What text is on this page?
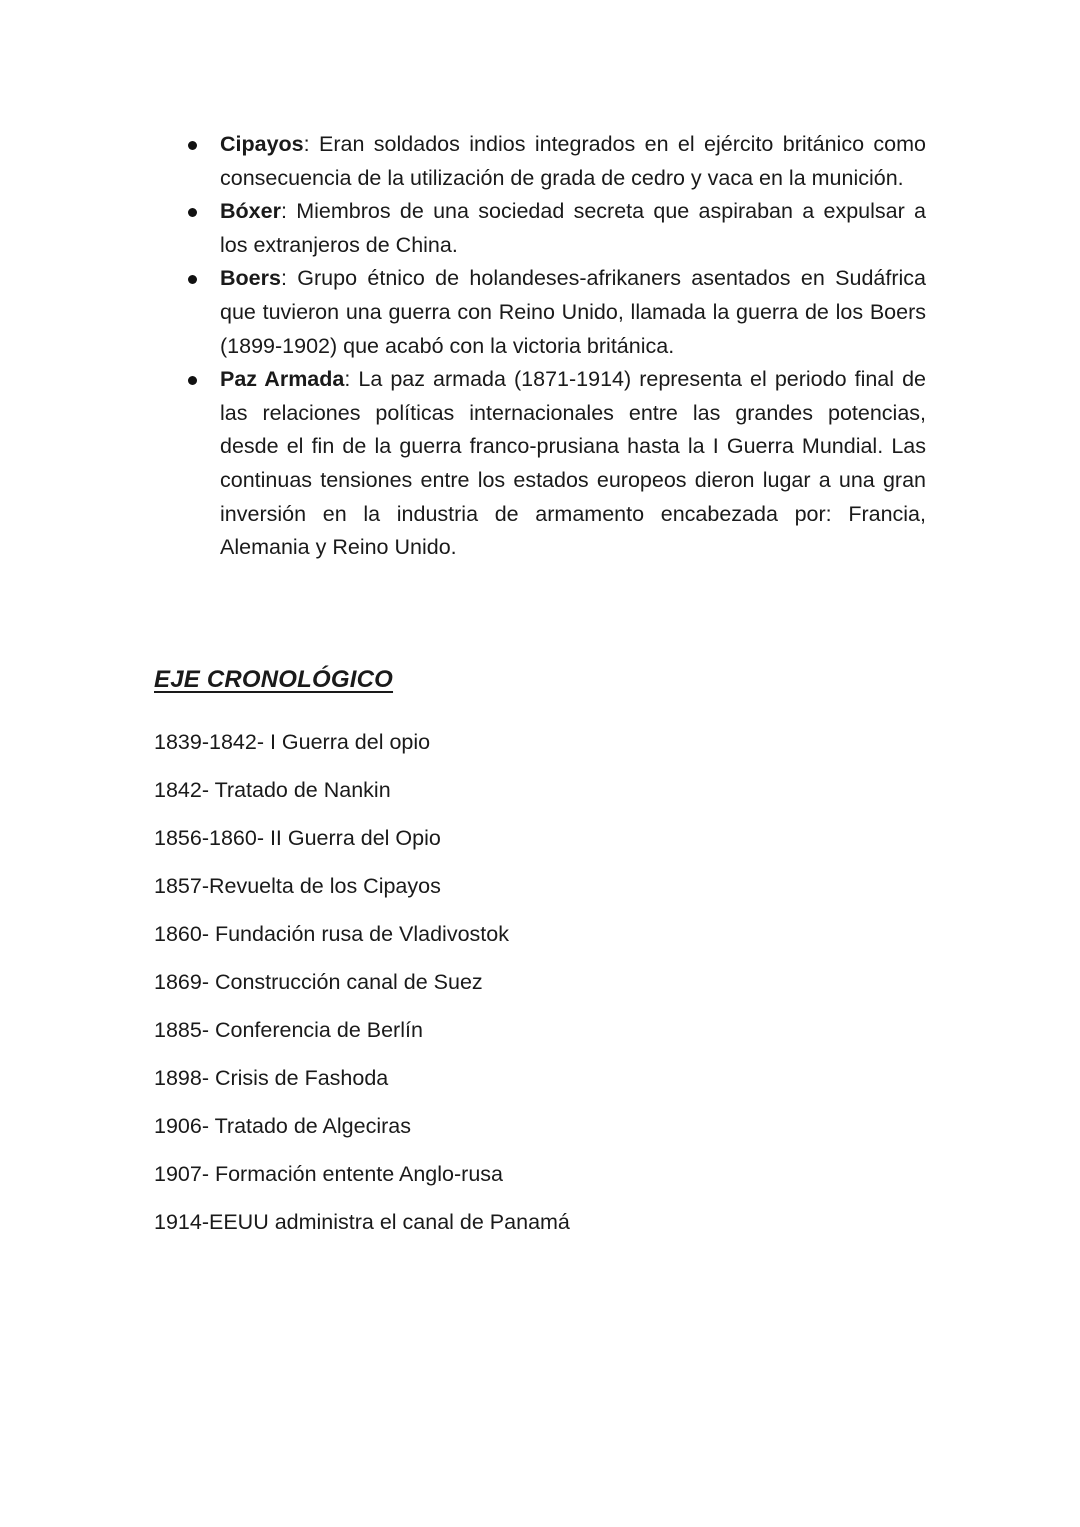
Cipayos: Eran soldados indios integrados en el ejército británico como consecuencia de la utilización de grada de cedro y vaca en la munición.
Bóxer: Miembros de una sociedad secreta que aspiraban a expulsar a los extranjeros de China.
Boers: Grupo étnico de holandeses-afrikaners asentados en Sudáfrica que tuvieron una guerra con Reino Unido, llamada la guerra de los Boers (1899-1902) que acabó con la victoria británica.
Paz Armada: La paz armada (1871-1914) representa el periodo final de las relaciones políticas internacionales entre las grandes potencias, desde el fin de la guerra franco-prusiana hasta la I Guerra Mundial. Las continuas tensiones entre los estados europeos dieron lugar a una gran inversión en la industria de armamento encabezada por: Francia, Alemania y Reino Unido.
EJE CRONOLÓGICO
1839-1842- I Guerra del opio
1842- Tratado de Nankin
1856-1860- II Guerra del Opio
1857-Revuelta de los Cipayos
1860- Fundación rusa de Vladivostok
1869- Construcción canal de Suez
1885- Conferencia de Berlín
1898- Crisis de Fashoda
1906- Tratado de Algeciras
1907- Formación entente Anglo-rusa
1914-EEUU administra el canal de Panamá
